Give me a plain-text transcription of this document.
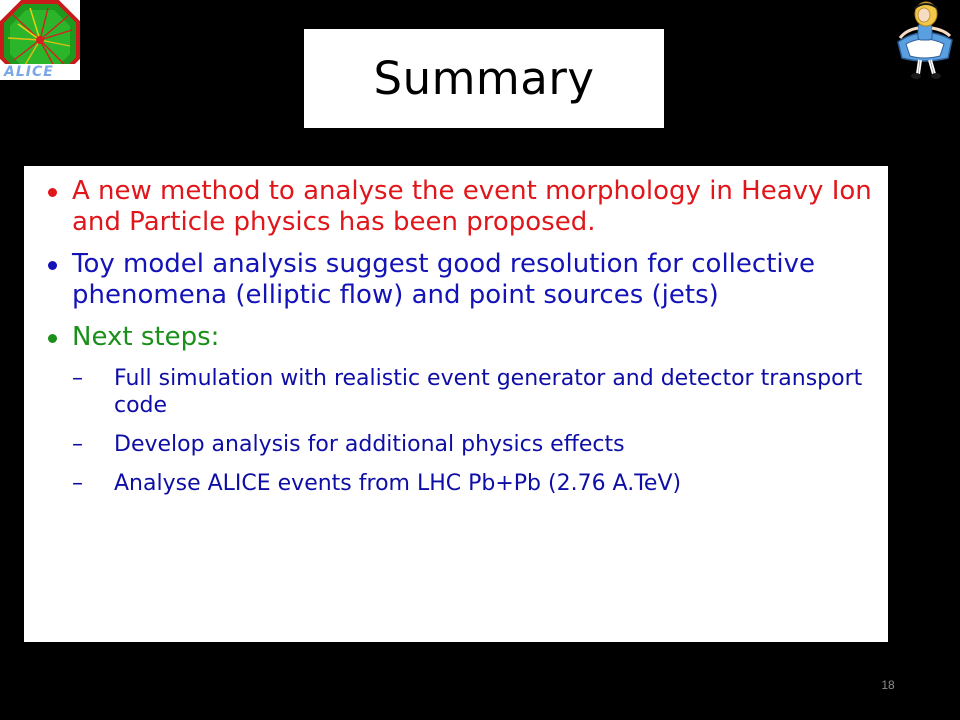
ALICE	Summary
A new method to analyse the event morphology in Heavy Ion and Particle physics has been proposed.
Toy model analysis suggest good resolution for collective phenomena (elliptic flow) and point sources (jets)
Next steps:
– Full simulation with realistic event generator and detector transport code
– Develop analysis for additional physics effects
– Analyse ALICE events from LHC Pb+Pb (2.76 A.TeV)
18
